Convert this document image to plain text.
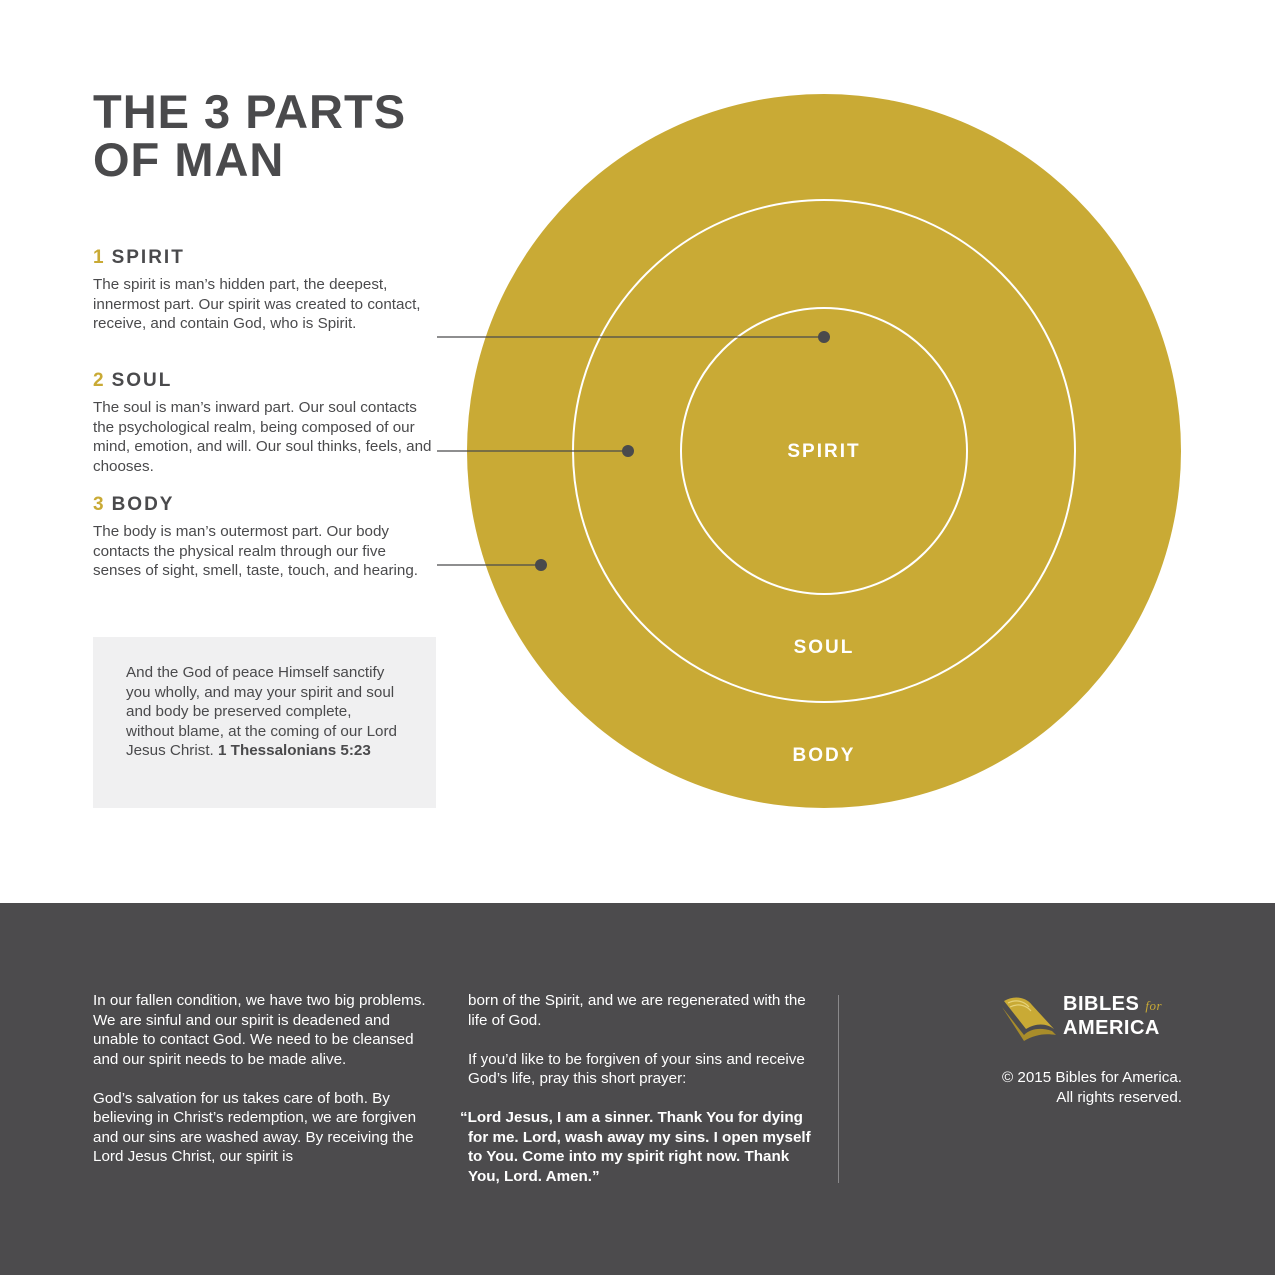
THE 3 PARTS
OF MAN
1 SPIRIT
The spirit is man’s hidden part, the deepest, innermost part. Our spirit was created to contact, receive, and contain God, who is Spirit.
2 SOUL
The soul is man’s inward part. Our soul contacts the psychological realm, being composed of our mind, emotion, and will. Our soul thinks, feels, and chooses.
3 BODY
The body is man’s outermost part. Our body contacts the physical realm through our five senses of sight, smell, taste, touch, and hearing.
And the God of peace Himself sanctify you wholly, and may your spirit and soul and body be preserved complete, without blame, at the coming of our Lord Jesus Christ. 1 Thessalonians 5:23
SPIRIT
SOUL
BODY

In our fallen condition, we have two big problems. We are sinful and our spirit is deadened and unable to contact God. We need to be cleansed and our spirit needs to be made alive.

God’s salvation for us takes care of both. By believing in Christ’s redemption, we are forgiven and our sins are washed away. By receiving the Lord Jesus Christ, our spirit is

born of the Spirit, and we are regenerated with the life of God.

If you’d like to be forgiven of your sins and receive God’s life, pray this short prayer:

“Lord Jesus, I am a sinner. Thank You for dying for me. Lord, wash away my sins. I open myself to You. Come into my spirit right now. Thank You, Lord. Amen.”

BIBLES for
AMERICA
© 2015 Bibles for America.
All rights reserved.
